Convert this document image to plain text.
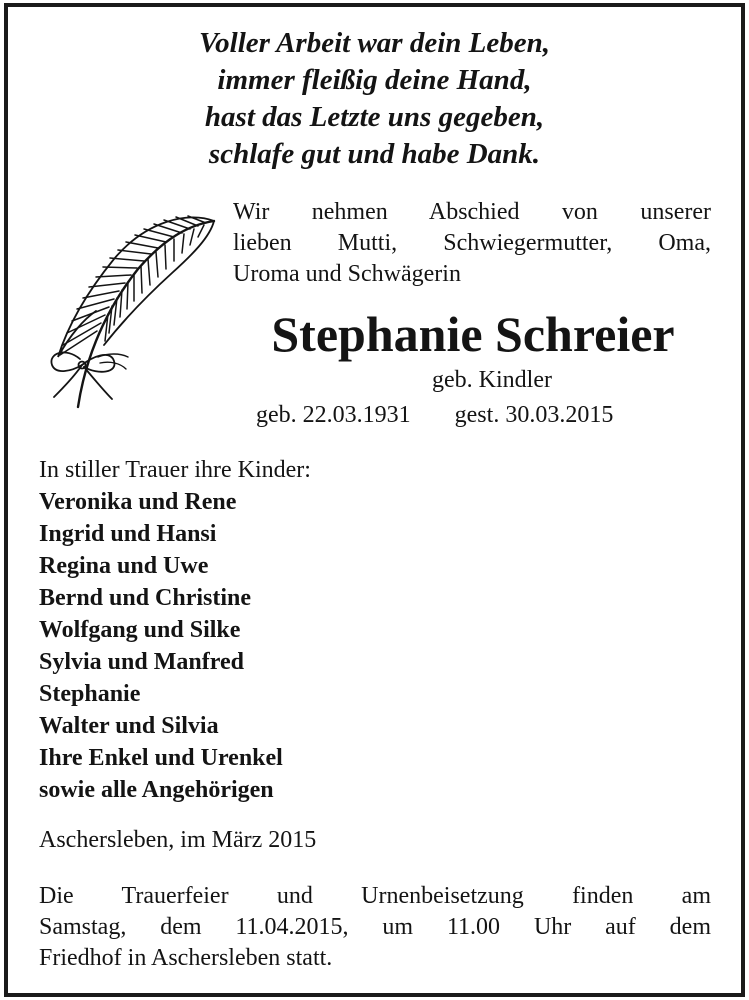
Voller Arbeit war dein Leben,
immer fleißig deine Hand,
hast das Letzte uns gegeben,
schlafe gut und habe Dank.
Wir nehmen Abschied von unserer
lieben Mutti, Schwiegermutter, Oma,
Uroma und Schwägerin
Stephanie Schreier
geb. Kindler
geb. 22.03.1931 gest. 30.03.2015
In stiller Trauer ihre Kinder:
Veronika und Rene
Ingrid und Hansi
Regina und Uwe
Bernd und Christine
Wolfgang und Silke
Sylvia und Manfred
Stephanie
Walter und Silvia
Ihre Enkel und Urenkel
sowie alle Angehörigen
Aschersleben, im März 2015
Die Trauerfeier und Urnenbeisetzung finden am
Samstag, dem 11.04.2015, um 11.00 Uhr auf dem
Friedhof in Aschersleben statt.
